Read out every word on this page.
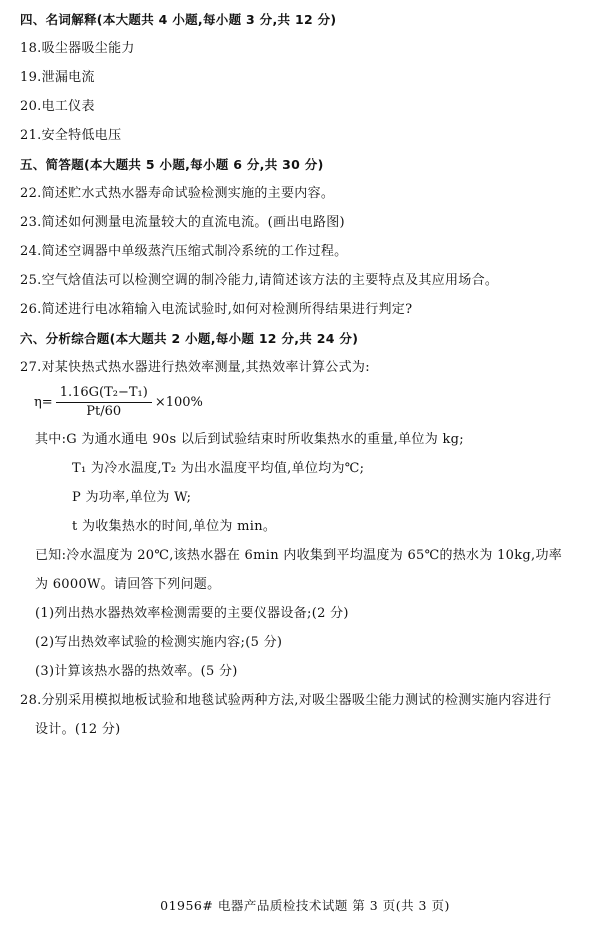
四、名词解释(本大题共 4 小题,每小题 3 分,共 12 分)
18.吸尘器吸尘能力
19.泄漏电流
20.电工仪表
21.安全特低电压
五、简答题(本大题共 5 小题,每小题 6 分,共 30 分)
22.简述贮水式热水器寿命试验检测实施的主要内容。
23.简述如何测量电流量较大的直流电流。(画出电路图)
24.简述空调器中单级蒸汽压缩式制冷系统的工作过程。
25.空气焓值法可以检测空调的制冷能力,请简述该方法的主要特点及其应用场合。
26.简述进行电冰箱输入电流试验时,如何对检测所得结果进行判定?
六、分析综合题(本大题共 2 小题,每小题 12 分,共 24 分)
27.对某快热式热水器进行热效率测量,其热效率计算公式为:
$\eta= \frac{\text{1.16G(T₂−T₁)}}{Pt/60} \times 100\%$
其中:G 为通水通电 90s 以后到试验结束时所收集热水的重量,单位为 kg;
T₁ 为冷水温度,T₂ 为出水温度平均值,单位均为℃;
P 为功率,单位为 W;
t 为收集热水的时间,单位为 min。
已知:冷水温度为 20℃,该热水器在 6min 内收集到平均温度为 65℃的热水为 10kg,功率
为 6000W。请回答下列问题。
(1)列出热水器热效率检测需要的主要仪器设备;(2 分)
(2)写出热效率试验的检测实施内容;(5 分)
(3)计算该热水器的热效率。(5 分)
28.分别采用模拟地板试验和地毯试验两种方法,对吸尘器吸尘能力测试的检测实施内容进行
设计。(12 分)
01956# 电器产品质检技术试题 第 3 页(共 3 页)
